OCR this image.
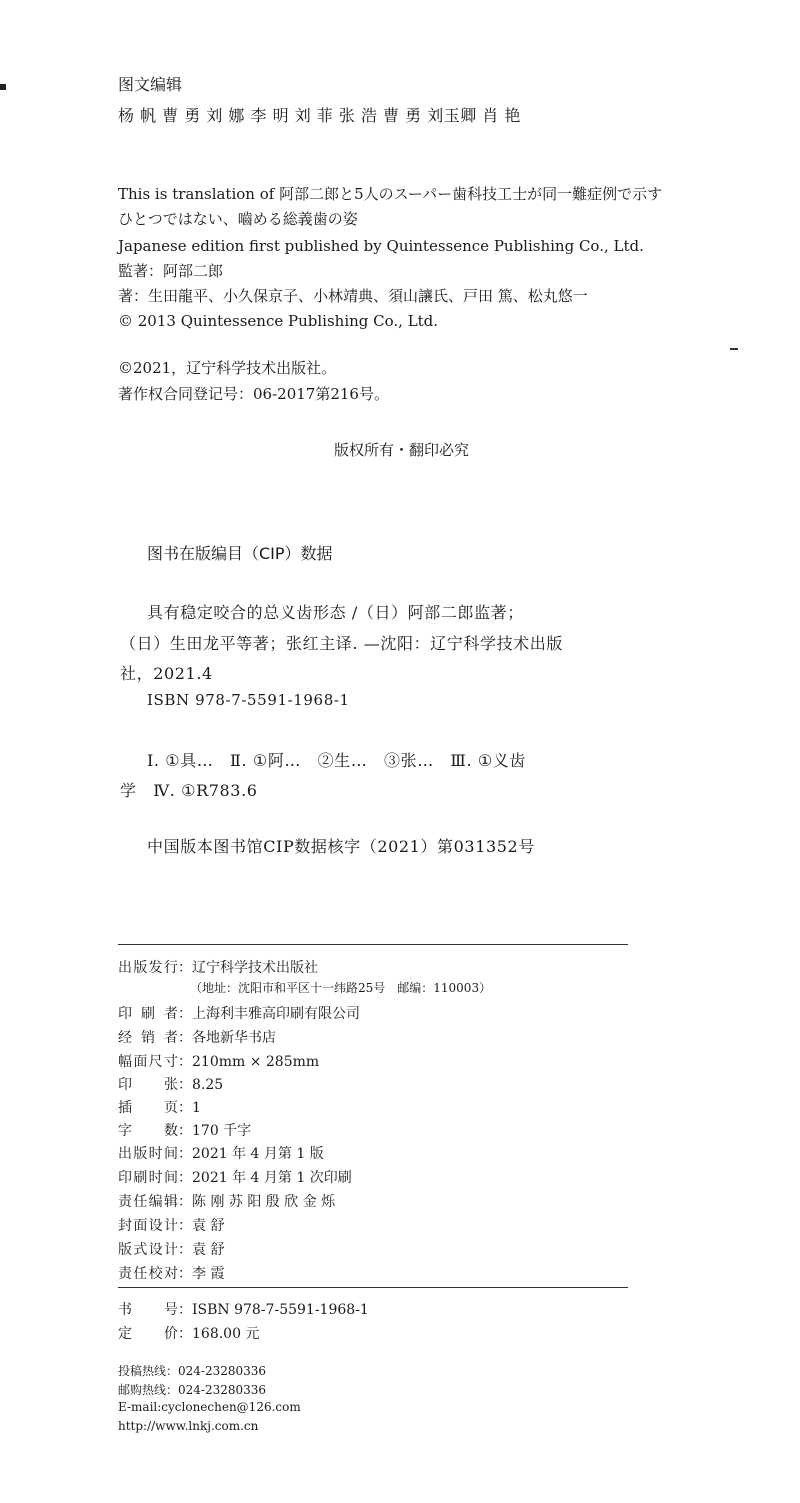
图文编辑
杨 帆 曹 勇 刘 娜 李 明 刘 菲 张 浩 曹 勇 刘玉卿 肖 艳
This is translation of 阿部二郎と5人のスーパー歯科技工士が同一難症例で示す
ひとつではない、嚙める総義歯の姿
Japanese edition first published by Quintessence Publishing Co., Ltd.
監著：阿部二郎
著：生田龍平、小久保京子、小林靖典、須山讓氏、戸田 篤、松丸悠一
© 2013 Quintessence Publishing Co., Ltd.
©2021，辽宁科学技术出版社。
著作权合同登记号：06-2017第216号。
版权所有・翻印必究
图书在版编目（CIP）数据
具有稳定咬合的总义齿形态 /（日）阿部二郎监著；
（日）生田龙平等著；张红主译. —沈阳：辽宁科学技术出版
社，2021.4
ISBN 978-7-5591-1968-1
Ⅰ. ①具…　Ⅱ. ①阿…　②生…　③张…　Ⅲ. ①义齿
学　Ⅳ. ①R783.6
中国版本图书馆CIP数据核字（2021）第031352号
出版发行：辽宁科学技术出版社
（地址：沈阳市和平区十一纬路25号　邮编：110003）
印刷者：上海利丰雅高印刷有限公司
经销者：各地新华书店
幅面尺寸：210mm × 285mm
印张：8.25
插页：1
字数：170 千字
出版时间：2021 年 4 月第 1 版
印刷时间：2021 年 4 月第 1 次印刷
责任编辑：陈 刚 苏 阳 殷 欣 金 烁
封面设计：袁 舒
版式设计：袁 舒
责任校对：李 霞
书号：ISBN 978-7-5591-1968-1
定价：168.00 元
投稿热线：024-23280336
邮购热线：024-23280336
E-mail:cyclonechen@126.com
http://www.lnkj.com.cn
